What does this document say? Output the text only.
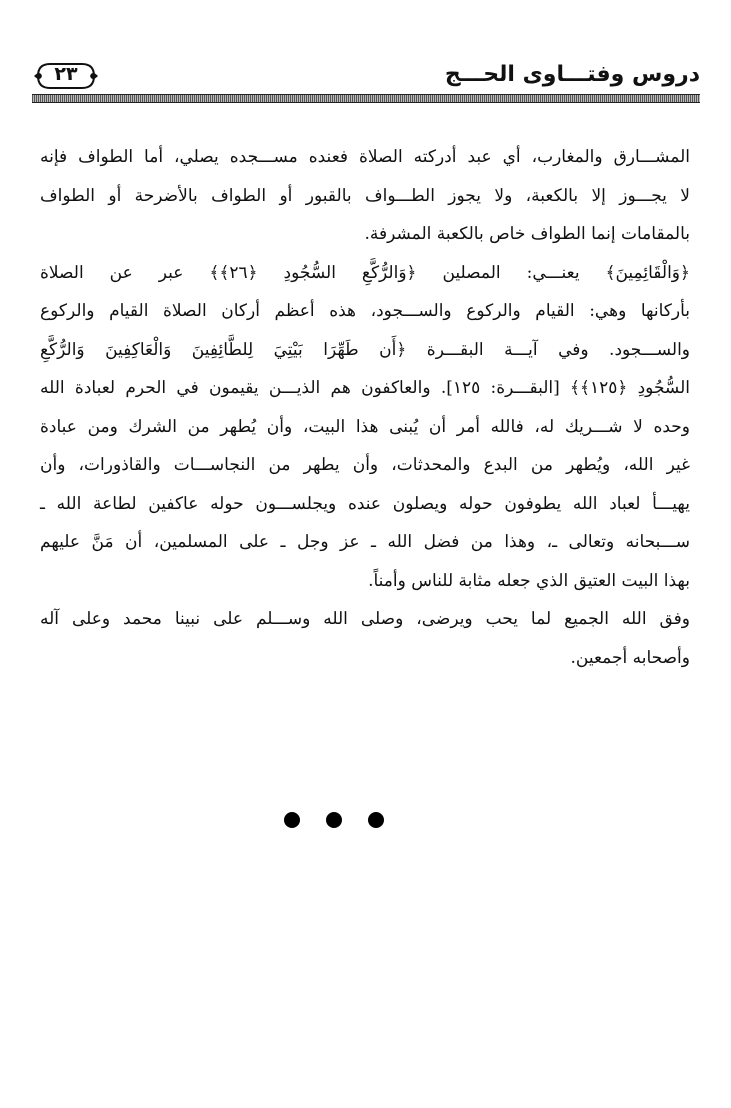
دروس وفتـــاوى الحـــج
٢٣
المشـــارق والمغارب، أي عبد أدركته الصلاة فعنده مســـجده يصلي، أما الطواف فإنه
لا يجـــوز إلا بالكعبة، ولا يجوز الطـــواف بالقبور أو الطواف بالأضرحة أو الطواف
بالمقامات إنما الطواف خاص بالكعبة المشرفة.
﴿وَالْقَائِمِينَ﴾ يعنـــي: المصلين ﴿وَالرُّكَّعِ السُّجُودِ ﴿٢٦﴾﴾ عبر عن الصلاة
بأركانها وهي: القيام والركوع والســـجود، هذه أعظم أركان الصلاة القيام والركوع
والســـجود. وفي آيـــة البقـــرة ﴿أَن طَهِّرَا بَيْتِيَ لِلطَّائِفِينَ وَالْعَاكِفِينَ وَالرُّكَّعِ
السُّجُودِ ﴿١٢٥﴾﴾ [البقـــرة: ١٢٥]. والعاكفون هم الذيـــن يقيمون في الحرم لعبادة الله
وحده لا شـــريك له، فالله أمر أن يُبنى هذا البيت، وأن يُطهر من الشرك ومن عبادة
غير الله، ويُطهر من البدع والمحدثات، وأن يطهر من النجاســـات والقاذورات، وأن
يهيـــأ لعباد الله يطوفون حوله ويصلون عنده ويجلســـون حوله عاكفين لطاعة الله ـ
ســـبحانه وتعالى ـ، وهذا من فضل الله ـ عز وجل ـ على المسلمين، أن مَنَّ عليهم
بهذا البيت العتيق الذي جعله مثابة للناس وأمناً.
وفق الله الجميع لما يحب ويرضى، وصلى الله وســـلم على نبينا محمد وعلى آله
وأصحابه أجمعين.
